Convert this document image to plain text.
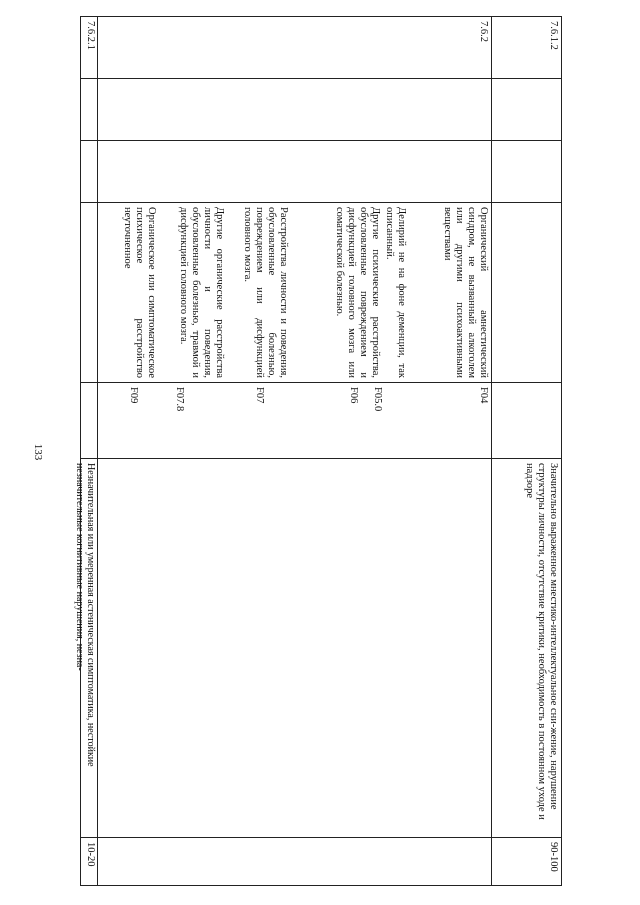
133
7.6.1.2
Значительно выраженное мнестико-интеллектуальное сни-жение, нарушение структуры личности, отсутствие критики, необходимость в постоянном уходе и надзоре
90-100
7.6.2
Органический амнестический синдром, не вызванный алкоголем или другими психоактивными веществами
Делирий не на фоне деменции, так описанный.
Другие психические расстройства, обусловленные повреждением и дисфункцией головного мозга или соматической болезнью.
Расстройства личности и поведения, обусловленные болезнью, повреждением или дисфункцией головного мозга.
Другие органические расстройства личности и поведения, обусловленные болезнью, травмой и дисфункцией головного мозга.
Органическое или симптоматическое психическое расстройство неуточненное
F04
F05.0
F06
F07
F07.8
F09
7.6.2.1
Незначительная или умеренная астеническая симптоматика, нестойкие незначительные когнитивные нарушения, незна-
10-20
